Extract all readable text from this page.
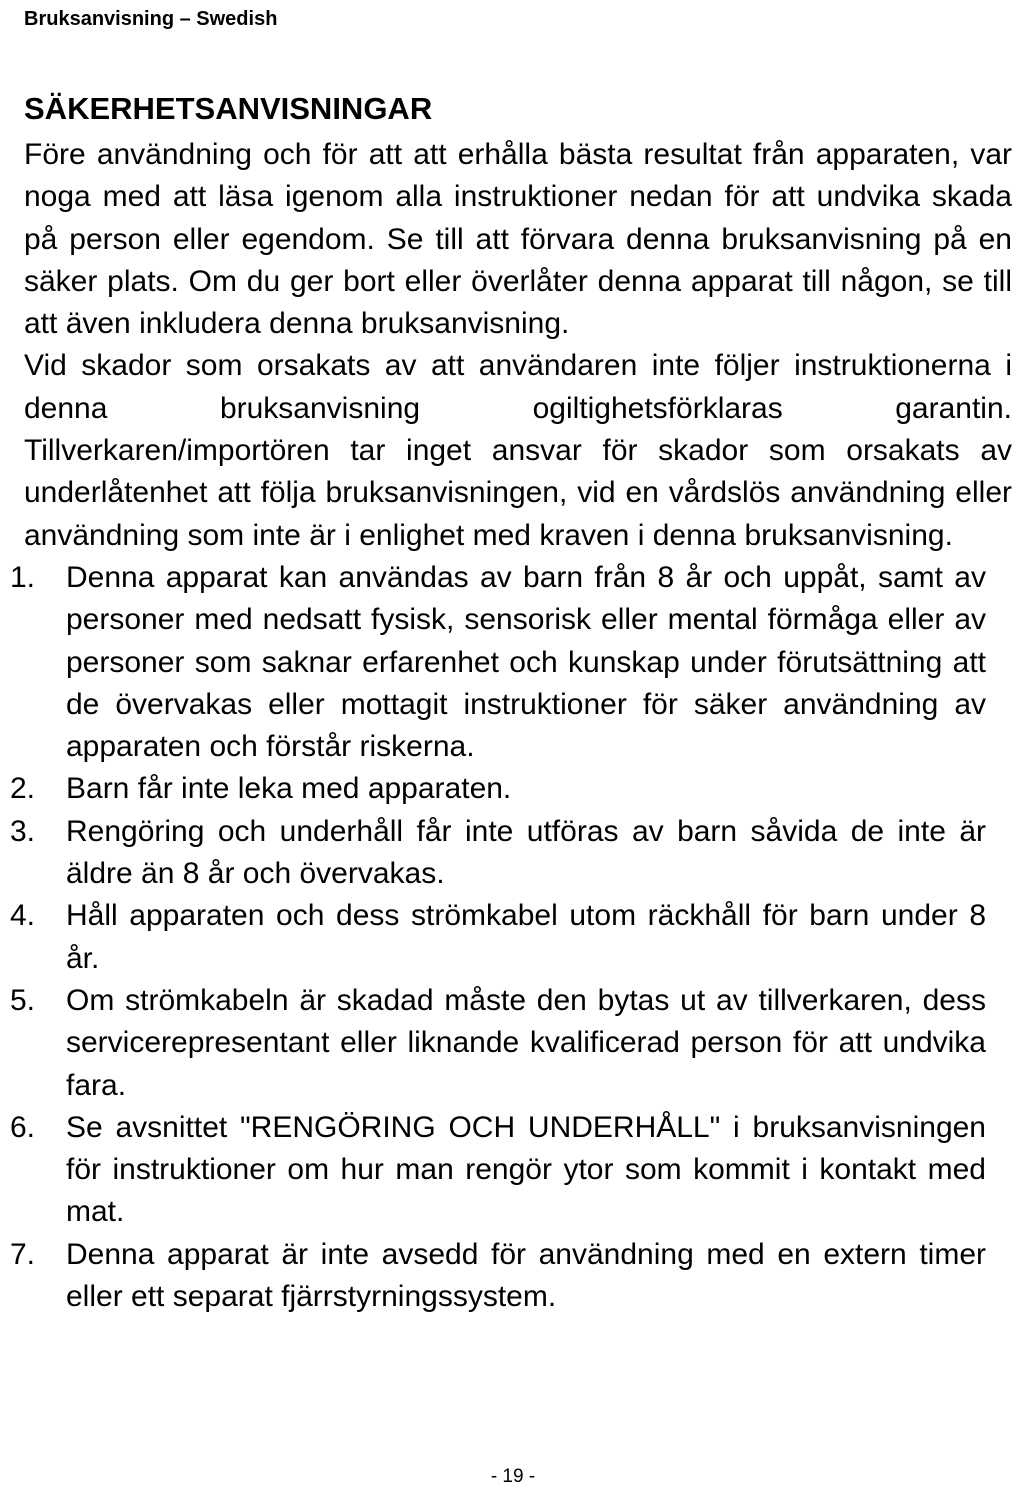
Bruksanvisning – Swedish
SÄKERHETSANVISNINGAR

Före användning och för att att erhålla bästa resultat från apparaten, var noga med att läsa igenom alla instruktioner nedan för att undvika skada på person eller egendom. Se till att förvara denna bruksanvisning på en säker plats. Om du ger bort eller överlåter denna apparat till någon, se till att även inkludera denna bruksanvisning.

Vid skador som orsakats av att användaren inte följer instruktionerna i denna bruksanvisning ogiltighetsförklaras garantin. Tillverkaren/importören tar inget ansvar för skador som orsakats av underlåtenhet att följa bruksanvisningen, vid en vårdslös användning eller användning som inte är i enlighet med kraven i denna bruksanvisning.

1. Denna apparat kan användas av barn från 8 år och uppåt, samt av personer med nedsatt fysisk, sensorisk eller mental förmåga eller av personer som saknar erfarenhet och kunskap under förutsättning att de övervakas eller mottagit instruktioner för säker användning av apparaten och förstår riskerna.
2. Barn får inte leka med apparaten.
3. Rengöring och underhåll får inte utföras av barn såvida de inte är äldre än 8 år och övervakas.
4. Håll apparaten och dess strömkabel utom räckhåll för barn under 8 år.
5. Om strömkabeln är skadad måste den bytas ut av tillverkaren, dess servicerepresentant eller liknande kvalificerad person för att undvika fara.
6. Se avsnittet "RENGÖRING OCH UNDERHÅLL" i bruksanvisningen för instruktioner om hur man rengör ytor som kommit i kontakt med mat.
7. Denna apparat är inte avsedd för användning med en extern timer eller ett separat fjärrstyrningssystem.
- 19 -
